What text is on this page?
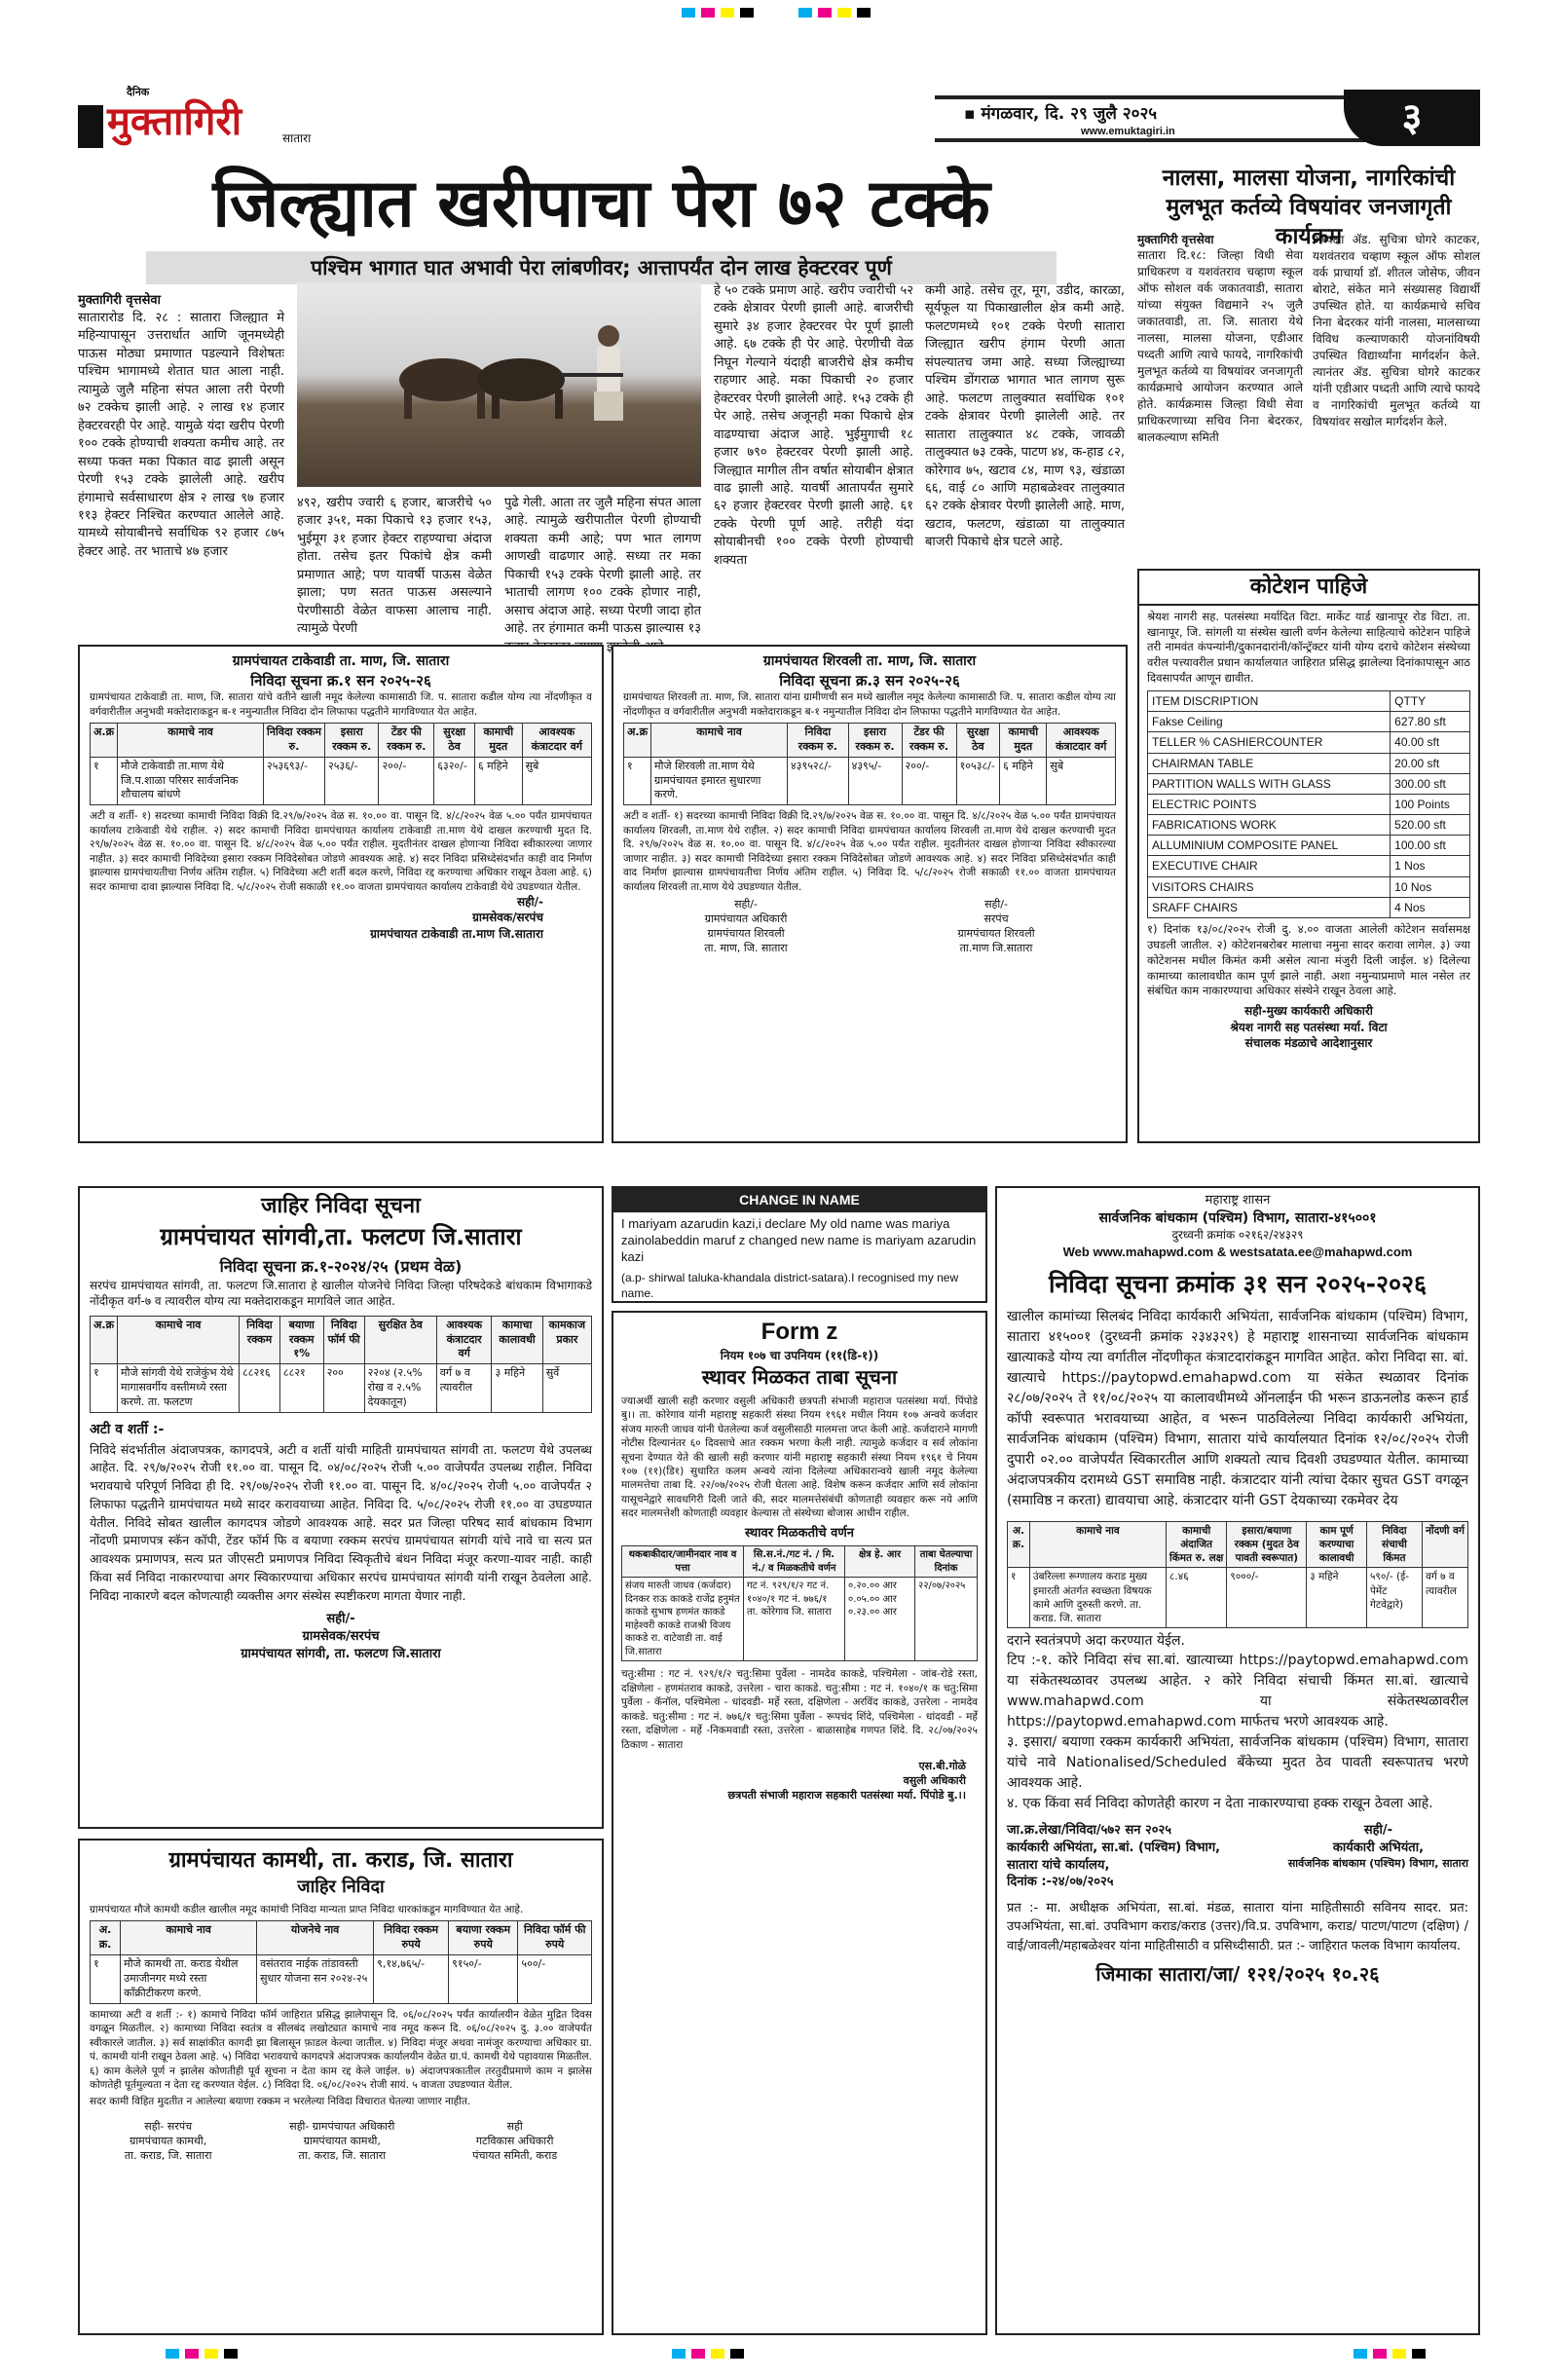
दैनिक
मुक्तागिरी	सातारा
▪ मंगळवार, दि. २९ जुलै २०२५
www.emuktagiri.in	३
जिल्ह्यात खरीपाचा पेरा ७२ टक्के
पश्चिम भागात घात अभावी पेरा लांबणीवर; आत्तापर्यंत दोन लाख हेक्टरवर पूर्ण
मुक्तागिरी वृत्तसेवा
सातारारोड दि. २८ : सातारा जिल्ह्यात मे महिन्यापासून उत्तरार्धात आणि जूनमध्येही पाऊस मोठ्या प्रमाणात पडल्याने विशेषतः पश्चिम भागामध्ये शेतात घात आला नाही. त्यामुळे जुलै महिना संपत आला तरी पेरणी ७२ टक्केच झाली आहे. २ लाख १४ हजार हेक्टरवरही पेर आहे. यामुळे यंदा खरीप पेरणी १०० टक्के होण्याची शक्यता कमीच आहे. तर सध्या फक्त मका पिकात वाढ झाली असून पेरणी १५३ टक्के झालेली आहे. खरीप हंगामाचे सर्वसाधारण क्षेत्र २ लाख ९७ हजार ११३ हेक्टर निश्चित करण्यात आलेले आहे. यामध्ये सोयाबीनचे सर्वाधिक ९२ हजार ८७५ हेक्टर आहे. तर भाताचे ४७ हजार
४९२, खरीप ज्वारी ६ हजार, बाजरीचे ५० हजार ३५१, मका पिकाचे १३ हजार १५३, भुईमूग ३१ हजार हेक्टर राहण्याचा अंदाज होता. तसेच इतर पिकांचे क्षेत्र कमी प्रमाणात आहे; पण यावर्षी पाऊस वेळेत झाला; पण सतत पाऊस असल्याने पेरणीसाठी वेळेत वाफसा आलाच नाही. त्यामुळे पेरणी
पुढे गेली. आता तर जुलै महिना संपत आला आहे. त्यामुळे खरीपातील पेरणी होण्याची शक्यता कमी आहे; पण भात लागण आणखी वाढणार आहे. सध्या तर मका पिकाची १५३ टक्के पेरणी झाली आहे. तर भाताची लागण १०० टक्के होणार नाही, असाच अंदाज आहे. सध्या पेरणी जादा होत आहे. तर हंगामात कमी पाऊस झाल्यास १३
हे ५० टक्के प्रमाण आहे. खरीप ज्वारीची ५२ टक्के क्षेत्रावर पेरणी झाली आहे. बाजरीची सुमारे ३४ हजार हेक्टरवर पेर पूर्ण झाली आहे. ६७ टक्के ही पेर आहे. पेरणीची वेळ निघून गेल्याने यंदाही बाजरीचे क्षेत्र कमीच राहणार आहे. मका पिकाची २० हजार हेक्टरवर पेरणी झालेली आहे. १५३ टक्के ही पेर आहे. तसेच अजूनही मका पिकाचे क्षेत्र वाढण्याचा अंदाज आहे. भुईमुगाची १८ हजार ७९० हेक्टरवर पेरणी झाली आहे. जिल्ह्यात मागील तीन वर्षात सोयाबीन क्षेत्रात वाढ झाली आहे. यावर्षी आतापर्यंत सुमारे ६२ हजार हेक्टरवर पेरणी झाली आहे. ६१ टक्के पेरणी पूर्ण आहे. तरीही यंदा सोयाबीनची १०० टक्के पेरणी होण्याची शक्यता
कमी आहे. तसेच तूर, मूग, उडीद, कारळा, सूर्यफूल या पिकाखालील क्षेत्र कमी आहे. फलटणमध्ये १०१ टक्के पेरणी सातारा जिल्ह्यात खरीप हंगाम पेरणी आता संपल्यातच जमा आहे. सध्या जिल्ह्याच्या पश्चिम डोंगराळ भागात भात लागण सुरू आहे. फलटण तालुक्यात सर्वाधिक १०१ टक्के क्षेत्रावर पेरणी झालेली आहे. तर सातारा तालुक्यात ४८ टक्के, जावळी तालुक्यात ७३ टक्के, पाटण ४४, क-हाड ८२, कोरेगाव ७५, खटाव ८४, माण ९३, खंडाळा ६६, वाई ८० आणि महाबळेश्वर तालुक्यात ६२ टक्के क्षेत्रावर पेरणी झालेली आहे. माण, खटाव, फलटण, खंडाळा या तालुक्यात बाजरी पिकाचे क्षेत्र घटले आहे.
नालसा, मालसा योजना, नागरिकांची मुलभूत कर्तव्ये विषयांवर जनजागृती कार्यक्रम
मुक्तागिरी वृत्तसेवा
सातारा दि.१८: जिल्हा विधी सेवा प्राधिकरण व यशवंतराव चव्हाण स्कूल ऑफ सोशल वर्क जकातवाडी, सातारा यांच्या संयुक्त विद्यमाने २५ जुलै जकातवाडी, ता. जि. सातारा येथे नालसा, मालसा योजना, एडीआर पध्दती आणि त्याचे फायदे, नागरिकांची मुलभूत कर्तव्ये या विषयांवर जनजागृती कार्यक्रमाचे आयोजन करण्यात आले होते. कार्यक्रमास जिल्हा विधी सेवा प्राधिकरणाच्या सचिव निना बेदरकर, बालकल्याण समिती
अध्यक्षा ॲड. सुचित्रा घोगरे काटकर, यशवंतराव चव्हाण स्कूल ऑफ सोशल वर्क प्राचार्या डॉ. शीतल जोसेफ, जीवन बोराटे, संकेत माने संख्यासह विद्यार्थी उपस्थित होते. या कार्यक्रमाचे सचिव निना बेदरकर यांनी नालसा, मालसाच्या विविध कल्याणकारी योजनांविषयी उपस्थित विद्यार्थ्यांना मार्गदर्शन केले. त्यानंतर ॲड. सुचित्रा घोगरे काटकर यांनी एडीआर पध्दती आणि त्याचे फायदे व नागरिकांची मुलभूत कर्तव्ये या विषयांवर सखोल मार्गदर्शन केले.
कोटेशन पाहिजे
श्रेयश नागरी सह. पतसंस्था मर्यादित विटा. मार्केट यार्ड खानापूर रोड विटा. ता. खानापूर, जि. सांगली या संस्थेस खाली वर्णन केलेल्या साहित्याचे कोटेशन पाहिजे तरी नामवंत कंपन्यांनी/दुकानदारांनी/कॉन्ट्रॅक्टर यांनी योग्य दराचे कोटेशन संस्थेच्या वरील पत्त्यावरील प्रधान कार्यालयात जाहिरात प्रसिद्ध झालेल्या दिनांकापासून आठ दिवसापर्यंत आणून द्यावीत.
ITEM DISCRIPTION	QTTY
Fakse Ceiling	627.80 sft
TELLER % CASHIERCOUNTER	40.00 sft
CHAIRMAN TABLE	20.00 sft
PARTITION WALLS WITH GLASS	300.00 sft
ELECTRIC POINTS	100 Points
FABRICATIONS WORK	520.00 sft
ALLUMINIUM COMPOSITE PANEL	100.00 sft
EXECUTIVE CHAIR	1 Nos
VISITORS CHAIRS	10 Nos
SRAFF CHAIRS	4 Nos
१) दिनांक १३/०८/२०२५ रोजी दु. ४.०० वाजता आलेली कोटेशन सर्वासमक्ष उघडली जातील. २) कोटेशनबरोबर मालाचा नमुना सादर करावा लागेल. ३) ज्या कोटेशनस मधील किमंत कमी असेल त्याना मंजुरी दिली जाईल. ४) दिलेल्या कामाच्या कालावधीत काम पूर्ण झाले नाही. अशा नमुन्याप्रमाणे माल नसेल तर संबंधित काम नाकारण्याचा अधिकार संस्थेने राखून ठेवला आहे.
सही-मुख्य कार्यकारी अधिकारी
श्रेयश नागरी सह पतसंस्था मर्या. विटा
संचालक मंडळाचे आदेशानुसार
ग्रामपंचायत टाकेवाडी ता. माण, जि. सातारा
निविदा सूचना क्र.१ सन २०२५-२६
ग्रामपंचायत टाकेवाडी ता. माण, जि. सातारा यांचे वतीने खाली नमूद केलेल्या कामासाठी जि. प. सातारा कडील योग्य त्या नोंदणीकृत व वर्गवारीतील अनुभवी मक्तेदाराकडून ब-१ नमुन्यातील निविदा दोन लिफाफा पद्धतीने मागविण्यात येत आहेत.
अ.क्र	कामाचे नाव	निविदा रक्कम रु.	इसारा रक्कम रु.	टेंडर फी रक्कम रु.	सुरक्षा ठेव	कामाची मुदत	आवश्यक कंत्राटदार वर्ग
१	मौजे टाकेवाडी ता.माण येथे जि.प.शाळा परिसर सार्वजनिक शौचालय बांधणे	२५३६९३/-	२५३६/-	२००/-	६३२०/-	६ महिने	सुबे
अटी व शर्ती- १) सदरच्या कामाची निविदा विक्री दि.२९/७/२०२५ वेळ स. १०.०० वा. पासून दि. ४/८/२०२५ वेळ ५.०० पर्यंत ग्रामपंचायत कार्यालय टाकेवाडी येथे राहील. २) सदर कामाची निविदा ग्रामपंचायत कार्यालय टाकेवाडी ता.माण येथे दाखल करण्याची मुदत दि. २९/७/२०२५ वेळ स. १०.०० वा. पासून दि. ४/८/२०२५ वेळ ५.०० पर्यंत राहील. मुदतीनंतर दाखल होणाऱ्या निविदा स्वीकारल्या जाणार नाहीत. ३) सदर कामाची निविदेच्या इसारा रक्कम निविदेसोबत जोडणे आवश्यक आहे. ४) सदर निविदा प्रसिध्देसंदर्भात काही वाद निर्माण झाल्यास ग्रामपंचायतीचा निर्णय अंतिम राहील. ५) निविदेच्या अटी शर्ती बदल करणे, निविदा रद्द करण्याचा अधिकार राखून ठेवला आहे. ६) सदर कामाचा दावा झाल्यास निविदा दि. ५/८/२०२५ रोजी सकाळी ११.०० वाजता ग्रामपंचायत कार्यालय टाकेवाडी येथे उघडण्यात येतील.
सही/-
ग्रामसेवक/सरपंच
ग्रामपंचायत टाकेवाडी ता.माण जि.सातारा
ग्रामपंचायत शिरवली ता. माण, जि. सातारा
निविदा सूचना क्र.३ सन २०२५-२६
ग्रामपंचायत शिरवली ता. माण, जि. सातारा यांना ग्रामीणची सन मध्ये खालील नमूद केलेल्या कामासाठी जि. प. सातारा कडील योग्य त्या नोंदणीकृत व वर्गवारीतील अनुभवी मक्तेदाराकडून ब-१ नमुन्यातील निविदा दोन लिफाफा पद्धतीने मागविण्यात येत आहेत.
अ.क्र	कामाचे नाव	निविदा रक्कम रु.	इसारा रक्कम रु.	टेंडर फी रक्कम रु.	सुरक्षा ठेव	कामाची मुदत	आवश्यक कंत्राटदार वर्ग
१	मौजे शिरवली ता.माण येथे ग्रामपंचायत इमारत सुधारणा करणे.	४३९५२८/-	४३९५/-	२००/-	१०५३८/-	६ महिने	सुबे
अटी व शर्ती- १) सदरच्या कामाची निविदा विक्री दि.२९/७/२०२५ वेळ स. १०.०० वा. पासून दि. ४/८/२०२५ वेळ ५.०० पर्यंत ग्रामपंचायत कार्यालय शिरवली, ता.माण येथे राहील. २) सदर कामाची निविदा ग्रामपंचायत कार्यालय शिरवली ता.माण येथे दाखल करण्याची मुदत दि. २९/७/२०२५ वेळ स. १०.०० वा. पासून दि. ४/८/२०२५ वेळ ५.०० पर्यंत राहील. मुदतीनंतर दाखल होणाऱ्या निविदा स्वीकारल्या जाणार नाहीत. ३) सदर कामाची निविदेच्या इसारा रक्कम निविदेसोबत जोडणे आवश्यक आहे. ४) सदर निविदा प्रसिध्देसंदर्भात काही वाद निर्माण झाल्यास ग्रामपंचायतीचा निर्णय अंतिम राहील. ५) निविदा दि. ५/८/२०२५ रोजी सकाळी ११.०० वाजता ग्रामपंचायत कार्यालय शिरवली ता.माण येथे उघडण्यात येतील.
सही/-
ग्रामपंचायत अधिकारी
ग्रामपंचायत शिरवली
ता. माण, जि. सातारा
सही/-
सरपंच
ग्रामपंचायत शिरवली
ता.माण जि.सातारा
जाहिर निविदा सूचना
ग्रामपंचायत सांगवी,ता. फलटण जि.सातारा
निविदा सूचना क्र.१-२०२४/२५ (प्रथम वेळ)
सरपंच ग्रामपंचायत सांगवी, ता. फलटण जि.सातारा हे खालील योजनेचे निविदा जिल्हा परिषदेकडे बांधकाम विभागाकडे नोंदीकृत वर्ग-७ व त्यावरील योग्य त्या मक्तेदाराकडून मागविले जात आहेत.
अ.क्र	कामाचे नाव	निविदा रक्कम	बयाणा रक्कम १%	निविदा फॉर्म फी	सुरक्षित ठेव	आवश्यक कंत्राटदार वर्ग	कामाचा कालावधी	कामकाज प्रकार
१	मौजे सांगवी येथे राजेकुंभ येथे मागासवर्गीय वस्तीमध्ये रस्ता करणे. ता. फलटण	८८२१६	८८२१	२००	२२०४ (२.५% रोख व २.५% देयकातून)	वर्ग ७ व त्यावरील	३ महिने	सुर्वे
अटी व शर्ती :-
निविदे संदर्भातील अंदाजपत्रक, कागदपत्रे, अटी व शर्ती यांची माहिती ग्रामपंचायत सांगवी ता. फलटण येथे उपलब्ध आहेत. दि. २९/७/२०२५ रोजी ११.०० वा. पासून दि. ०४/०८/२०२५ रोजी ५.०० वाजेपर्यंत उपलब्ध राहील. निविदा भरावयाचे परिपूर्ण निविदा ही दि. २९/०७/२०२५ रोजी ११.०० वा. पासून दि. ४/०८/२०२५ रोजी ५.०० वाजेपर्यंत २ लिफाफा पद्धतीने ग्रामपंचायत मध्ये सादर करावयाच्या आहेत. निविदा दि. ५/०८/२०२५ रोजी ११.०० वा उघडण्यात येतील. निविदे सोबत खालील कागदपत्र जोडणे आवश्यक आहे. सदर प्रत जिल्हा परिषद सार्व बांधकाम विभाग नोंदणी प्रमाणपत्र स्कॅन कॉपी, टेंडर फॉर्म फि व बयाणा रक्कम सरपंच ग्रामपंचायत सांगवी यांचे नावे चा सत्य प्रत आवश्यक प्रमाणपत्र, सत्य प्रत जीएसटी प्रमाणपत्र निविदा स्विकृतीचे बंधन निविदा मंजूर करणा-यावर नाही. काही किंवा सर्व निविदा नाकारण्याचा अगर स्विकारण्याचा अधिकार सरपंच ग्रामपंचायत सांगवी यांनी राखून ठेवलेला आहे. निविदा नाकारणे बदल कोणत्याही व्यक्तीस अगर संस्थेस स्पष्टीकरण मागता येणार नाही.
सही/-
ग्रामसेवक/सरपंच
ग्रामपंचायत सांगवी, ता. फलटण जि.सातारा
ग्रामपंचायत कामथी, ता. कराड, जि. सातारा
जाहिर निविदा
ग्रामपंचायत मौजे कामथी कडील खालील नमूद कामांची निविदा मान्यता प्राप्त निविदा धारकांकडून मागविण्यात येत आहे.
अ. क्र.	कामाचे नाव	योजनेचे नाव	निविदा रक्कम रुपये	बयाणा रक्कम रुपये	निविदा फॉर्म फी रुपये
१	मौजे कामथी ता. कराड येथील उमाजीनगर मध्ये रस्ता काँक्रीटीकरण करणे.	वसंतराव नाईक तांडावस्ती सुधार योजना सन २०२४-२५	९,१४,७६५/-	९१५०/-	५००/-
कामाच्या अटी व शर्ती :- १) कामाचे निविदा फॉर्म जाहिरात प्रसिद्ध झालेपासून दि. ०६/०८/२०२५ पर्यंत कार्यालयीन वेळेत मुद्रित दिवस वगळून मिळतील. २) कामाच्या निविदा स्वतंत्र व सीलबंद लखोट्यात कामाचे नाव नमूद करून दि. ०६/०८/२०२५ दु. ३.०० वाजेपर्यंत स्वीकारले जातील. ३) सर्व साक्षांकीत कागदी झा बिलासून फ़ाडल केल्या जातील. ४) निविदा मंजूर अथवा नामंजूर करण्याचा अधिकार ग्रा. पं. कामथी यांनी राखून ठेवला आहे. ५) निविदा भरावयाचे कागदपत्रे अंदाजपत्रक कार्यालयीन वेळेत ग्रा.पं. कामथी येथे पहावयास मिळतील. ६) काम केलेले पूर्ण न झालेस कोणतीही पूर्व सूचना न देता काम रद्द केले जाईल. ७) अंदाजपत्रकातील तरतुदीप्रमाणे काम न झालेस कोणतेही पूर्तमुल्यता न देता रद्द करण्यात येईल. ८) निविदा दि. ०६/०८/२०२५ रोजी सायं. ५ वाजता उघडण्यात येतील.
सदर कामी विहित मुदतीत न आलेल्या बयाणा रक्कम न भरलेल्या निविदा विचारात घेतल्या जाणार नाहीत.
सही- सरपंच
ग्रामपंचायत कामथी,
ता. कराड, जि. सातारा
सही- ग्रामपंचायत अधिकारी
ग्रामपंचायत कामथी,
ता. कराड, जि. सातारा
सही
गटविकास अधिकारी
पंचायत समिती, कराड
CHANGE IN NAME
I mariyam azarudin kazi,i declare My old name was mariya zainolabeddin maruf z changed new name is mariyam azarudin kazi
(a.p- shirwal taluka-khandala district-satara).I recognised my new name.
Form z
नियम १०७ चा उपनियम (११(डि-१))
स्थावर मिळकत ताबा सूचना
ज्याअर्थी खाली सही करणार वसुली अधिकारी छत्रपती संभाजी महाराज पतसंस्था मर्या. पिंपोडे बु।। ता. कोरेगाव यांनी महाराष्ट्र सहकारी संस्था नियम १९६१ मधील नियम १०७ अन्वये कर्जदार संजय मारुती जाधव यांनी घेतलेल्या कर्ज वसुलीसाठी मालमत्ता जप्त केली आहे. कर्जदाराने मागणी नोटीस दिल्यानंतर ६० दिवसाचे आत रक्कम भरणा केली नाही. त्यामुळे कर्जदार व सर्व लोकांना सूचना देण्यात येते की खाली सही करणार यांनी महाराष्ट्र सहकारी संस्था नियम १९६१ चे नियम १०७ (११)(डि१) सुधारित कलम अन्वये त्यांना दिलेल्या अधिकारान्वये खाली नमूद केलेल्या मालमत्तेचा ताबा दि. २२/०७/२०२५ रोजी घेतला आहे. विशेष करून कर्जदार आणि सर्व लोकांना यासूचनेद्वारे सावधगिरी दिली जाते की, सदर मालमत्तेसंबंधी कोणताही व्यवहार करू नये आणि सदर मालमत्तेशी कोणताही व्यवहार केल्यास तो संस्थेच्या बोजास आधीन राहील.
स्थावर मिळकतीचे वर्णन
थकबाकीदार/जामीनदार नाव व पत्ता	सि.स.नं./गट नं. / मि. नं./ व मिळकतीचे वर्णन	क्षेत्र हे. आर	ताबा घेतल्याचा दिनांक
संजय मारुती जाधव (कर्जदार) दिनकर राऊ काकडे राजेंद्र हनुमंत काकडे सुभाष हणमंत काकडे माहेश्वरी काकडे राजश्री विजय काकडे रा. वाटेवाडी ता. वाई जि.सातारा	गट नं. ९२९/१/२ गट नं. १०४०/१ गट नं. ७७६/१ ता. कोरेगाव जि. सातारा	०.२०.०० आर ०.०५.०० आर ०.२३.०० आर	२२/०७/२०२५
चतु:सीमा : गट नं. ९२९/१/२ चतु:सिमा पुर्वेला - नामदेव काकडे, पश्चिमेला - जांब-रोडे रस्ता, दक्षिणेला - हणमंतराव काकडे, उत्तरेला - चारा काकडे. चतु:सीमा : गट नं. १०४०/१ क चतु:सिमा पुर्वेला - कॅनॉल, पश्चिमेला - धांदवडी- मर्हे रस्ता, दक्षिणेला - अरविंद काकडे, उत्तरेला - नामदेव काकडे. चतु:सीमा : गट नं. ७७६/१ चतु:सिमा पुर्वेला - रूपचंद शिंदे, पश्चिमेला - धांदवडी - मर्हे रस्ता, दक्षिणेला - मर्हे -निकमवाडी रस्ता, उत्तरेला - बाळासाहेब गणपत शिंदे. दि. २८/०७/२०२५ ठिकाण - सातारा
एस.बी.गोळे
वसुली अधिकारी
छत्रपती संभाजी महाराज सहकारी पतसंस्था मर्या. पिंपोडे बु.।।
महाराष्ट्र शासन
सार्वजनिक बांधकाम (पश्चिम) विभाग, सातारा-४१५००१
दुरध्वनी क्रमांक ०२१६२/२४३२९
Web www.mahapwd.com & westsatata.ee@mahapwd.com
निविदा सूचना क्रमांक ३१ सन २०२५-२०२६
खालील कामांच्या सिलबंद निविदा कार्यकारी अभियंता, सार्वजनिक बांधकाम (पश्चिम) विभाग, सातारा ४१५००१ (दुरध्वनी क्रमांक २३४३२९) हे महाराष्ट्र शासनाच्या सार्वजनिक बांधकाम खात्याकडे योग्य त्या वर्गातील नोंदणीकृत कंत्राटदारांकडून मागवित आहेत. कोरा निविदा सा. बां. खात्याचे https://paytopwd.emahapwd.com या संकेत स्थळावर दिनांक २८/०७/२०२५ ते ११/०८/२०२५ या कालावधीमध्ये ऑनलाईन फी भरून डाऊनलोड करून हार्ड कॉपी स्वरूपात भरावयाच्या आहेत, व भरून पाठविलेल्या निविदा कार्यकारी अभियंता, सार्वजनिक बांधकाम (पश्चिम) विभाग, सातारा यांचे कार्यालयात दिनांक १२/०८/२०२५ रोजी दुपारी ०२.०० वाजेपर्यंत स्विकारतील आणि शक्यतो त्याच दिवशी उघडण्यात येतील. कामाच्या अंदाजपत्रकीय दरामध्ये GST समाविष्ठ नाही. कंत्राटदार यांनी त्यांचा देकार सुचत GST वगळून (समाविष्ठ न करता) द्यावयाचा आहे. कंत्राटदार यांनी GST देयकाच्या रकमेवर देय
अ. क्र.	कामाचे नाव	कामाची अंदाजित किंमत रु. लक्ष	इसारा/बयाणा रक्कम (मुदत ठेव पावती स्वरूपात)	काम पूर्ण करण्याचा कालावधी	निविदा संचाची किंमत	नोंदणी वर्ग
१	उंबरिल्ला रूग्णालय कराड मुख्य इमारती अंतर्गत स्वच्छता विषयक कामे आणि दुरुस्ती करणे. ता. कराड. जि. सातारा	८.४६	९०००/-	३ महिने	५९०/- (ई- पेमेंट गेटवेद्वारे)	वर्ग ७ व त्यावरील
दराने स्वतंत्रपणे अदा करण्यात येईल.
टिप :-१. कोरे निविदा संच सा.बां. खात्याच्या https://paytopwd.emahapwd.com या संकेतस्थळावर उपलब्ध आहेत. २ कोरे निविदा संचाची किंमत सा.बां. खात्याचे www.mahapwd.com या संकेतस्थळावरील https://paytopwd.emahapwd.com मार्फतच भरणे आवश्यक आहे.
३. इसारा/ बयाणा रक्कम कार्यकारी अभियंता, सार्वजनिक बांधकाम (पश्चिम) विभाग, सातारा यांचे नावे Nationalised/Scheduled बँकेच्या मुदत ठेव पावती स्वरूपातच भरणे आवश्यक आहे.
४. एक किंवा सर्व निविदा कोणतेही कारण न देता नाकारण्याचा हक्क राखून ठेवला आहे.
जा.क्र.लेखा/निविदा/५७२ सन २०२५
कार्यकारी अभियंता, सा.बां. (पश्चिम) विभाग,
सातारा यांचे कार्यालय,
दिनांक :-२४/०७/२०२५
सही/-
कार्यकारी अभियंता,
सार्वजनिक बांधकाम (पश्चिम) विभाग, सातारा
प्रत :- मा. अधीक्षक अभियंता, सा.बां. मंडळ, सातारा यांना माहितीसाठी सविनय सादर. प्रत: उपअभियंता, सा.बां. उपविभाग कराड/कराड (उत्तर)/वि.प्र. उपविभाग, कराड/ पाटण/पाटण (दक्षिण) /वाई/जावली/महाबळेश्वर यांना माहितीसाठी व प्रसिध्दीसाठी. प्रत :- जाहिरात फलक विभाग कार्यालय.
जिमाका सातारा/जा/ १२१/२०२५ १०.२६
